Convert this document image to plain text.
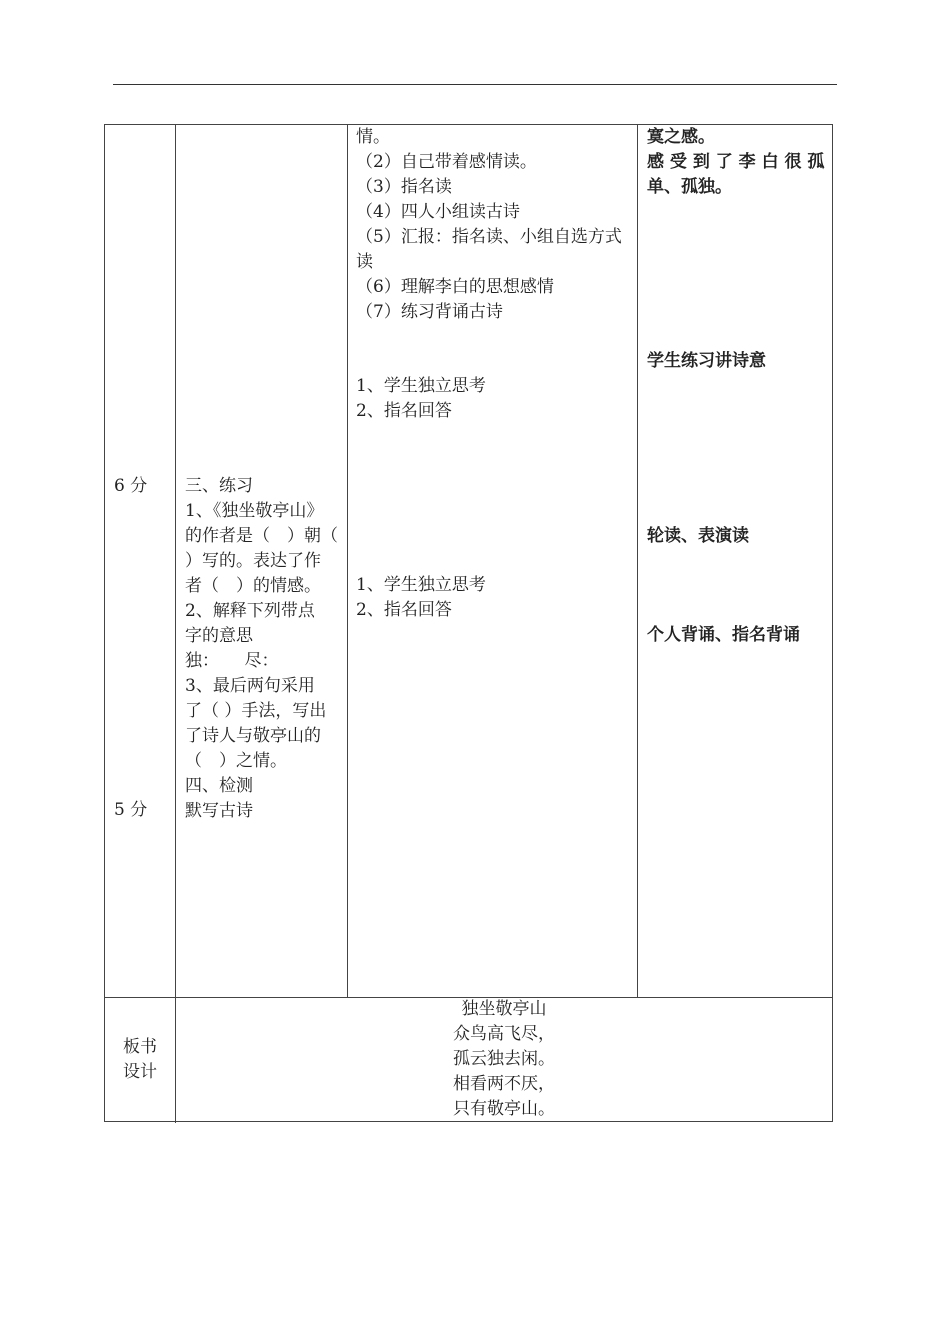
6 分
5 分
三、练习
1、《独坐敬亭山》
的作者是（　）朝（
）写的。表达了作
者（　）的情感。
2、解释下列带点
字的意思
独：　　尽：
3、最后两句采用
了（ ）手法，写出
了诗人与敬亭山的
（　）之情。
四、检测
默写古诗
情。
（2）自己带着感情读。
（3）指名读
（4）四人小组读古诗
（5）汇报：指名读、小组自选方式
读
（6）理解李白的思想感情
（7）练习背诵古诗
1、学生独立思考
2、指名回答
1、学生独立思考
2、指名回答
寞之感。
感 受 到 了 李 白 很 孤
单、孤独。
学生练习讲诗意
轮读、表演读
个人背诵、指名背诵
板书
设计
独坐敬亭山
众鸟高飞尽，
孤云独去闲。
相看两不厌，
只有敬亭山。
